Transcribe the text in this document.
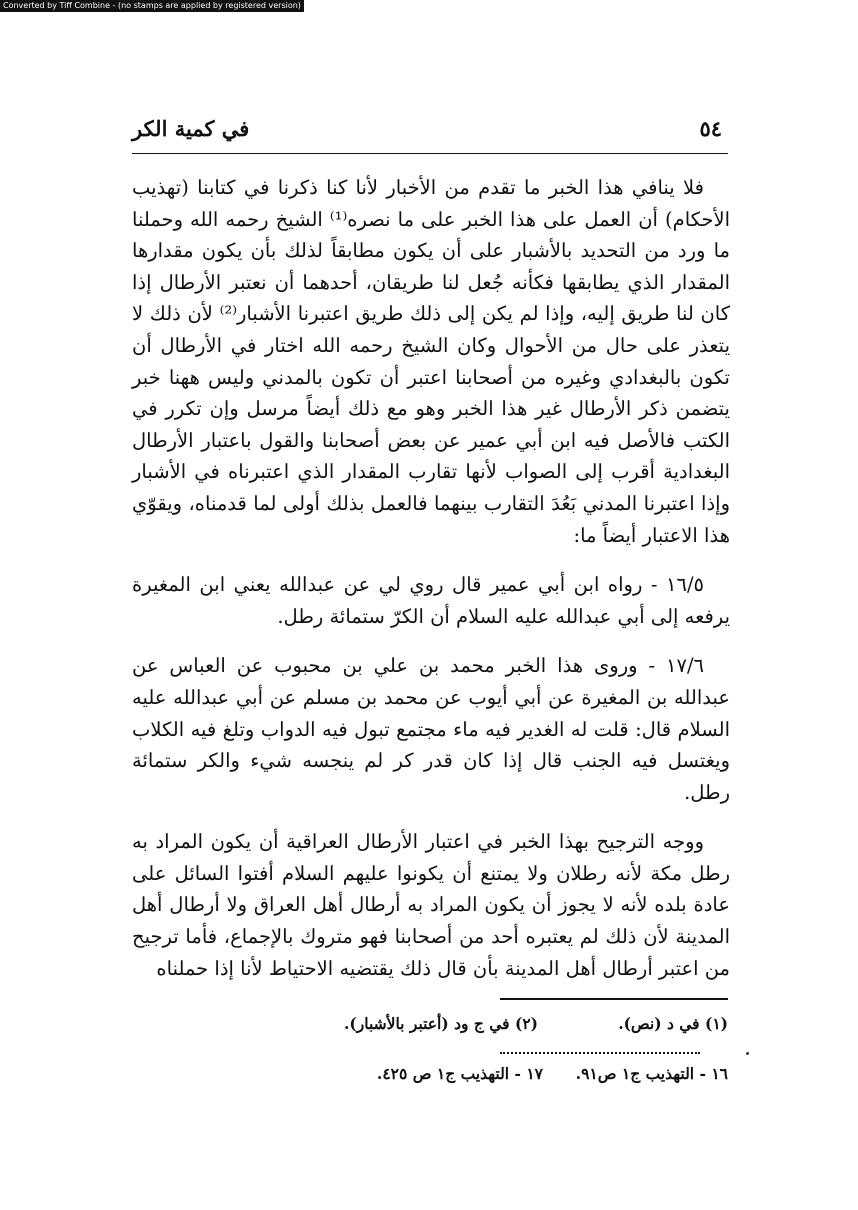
Converted by Tiff Combine - (no stamps are applied by registered version)
في كمية الكر	٥٤

فلا ينافي هذا الخبر ما تقدم من الأخبار لأنا كنا ذكرنا في كتابنا (تهذيب الأحكام) أن العمل على هذا الخبر على ما نصره⁽¹⁾ الشيخ رحمه الله وحملنا ما ورد من التحديد بالأشبار على أن يكون مطابقاً لذلك بأن يكون مقدارها المقدار الذي يطابقها فكأنه جُعل لنا طريقان، أحدهما أن نعتبر الأرطال إذا كان لنا طريق إليه، وإذا لم يكن إلى ذلك طريق اعتبرنا الأشبار⁽²⁾ لأن ذلك لا يتعذر على حال من الأحوال وكان الشيخ رحمه الله اختار في الأرطال أن تكون بالبغدادي وغيره من أصحابنا اعتبر أن تكون بالمدني وليس ههنا خبر يتضمن ذكر الأرطال غير هذا الخبر وهو مع ذلك أيضاً مرسل وإن تكرر في الكتب فالأصل فيه ابن أبي عمير عن بعض أصحابنا والقول باعتبار الأرطال البغدادية أقرب إلى الصواب لأنها تقارب المقدار الذي اعتبرناه في الأشبار وإذا اعتبرنا المدني بَعُدَ التقارب بينهما فالعمل بذلك أولى لما قدمناه، ويقوّي هذا الاعتبار أيضاً ما:

١٦/٥ - رواه ابن أبي عمير قال روي لي عن عبدالله يعني ابن المغيرة يرفعه إلى أبي عبدالله عليه السلام أن الكرّ ستمائة رطل.

١٧/٦ - وروى هذا الخبر محمد بن علي بن محبوب عن العباس عن عبدالله بن المغيرة عن أبي أيوب عن محمد بن مسلم عن أبي عبدالله عليه السلام قال: قلت له الغدير فيه ماء مجتمع تبول فيه الدواب وتلغ فيه الكلاب ويغتسل فيه الجنب قال إذا كان قدر كر لم ينجسه شيء والكر ستمائة رطل.

ووجه الترجيح بهذا الخبر في اعتبار الأرطال العراقية أن يكون المراد به رطل مكة لأنه رطلان ولا يمتنع أن يكونوا عليهم السلام أفتوا السائل على عادة بلده لأنه لا يجوز أن يكون المراد به أرطال أهل العراق ولا أرطال أهل المدينة لأن ذلك لم يعتبره أحد من أصحابنا فهو متروك بالإجماع، فأما ترجيح من اعتبر أرطال أهل المدينة بأن قال ذلك يقتضيه الاحتياط لأنا إذا حملناه

(١) في د (نص).
(٢) في ج ود (أعتبر بالأشبار).
١٦ - التهذيب ج١ ص٩١.
١٧ - التهذيب ج١ ص ٤٢٥.
